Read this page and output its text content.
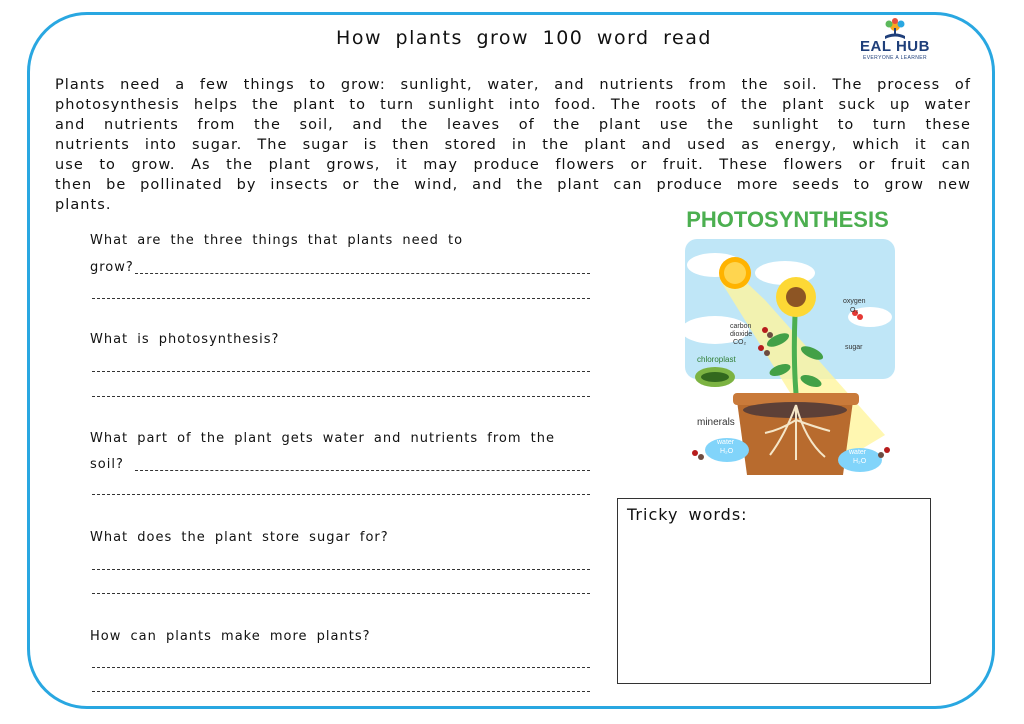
How plants grow 100 word read	EAL HUB
EVERYONE A LEARNER
Plants need a few things to grow: sunlight, water, and nutrients from the soil. The process of
photosynthesis helps the plant to turn sunlight into food. The roots of the plant suck up water
and nutrients from the soil, and the leaves of the plant use the sunlight to turn these
nutrients into sugar. The sugar is then stored in the plant and used as energy, which it can
use to grow. As the plant grows, it may produce flowers or fruit. These flowers or fruit can
then be pollinated by insects or the wind, and the plant can produce more seeds to grow new
plants.
What are the three things that plants need to
grow?
What is photosynthesis?
What part of the plant gets water and nutrients from the
soil?
What does the plant store sugar for?
How can plants make more plants?
PHOTOSYNTHESIS
oxygen
O₂
carbon
dioxide
CO₂
sugar
chloroplast
minerals
water
H₂O	water
H₂O
Tricky words:
